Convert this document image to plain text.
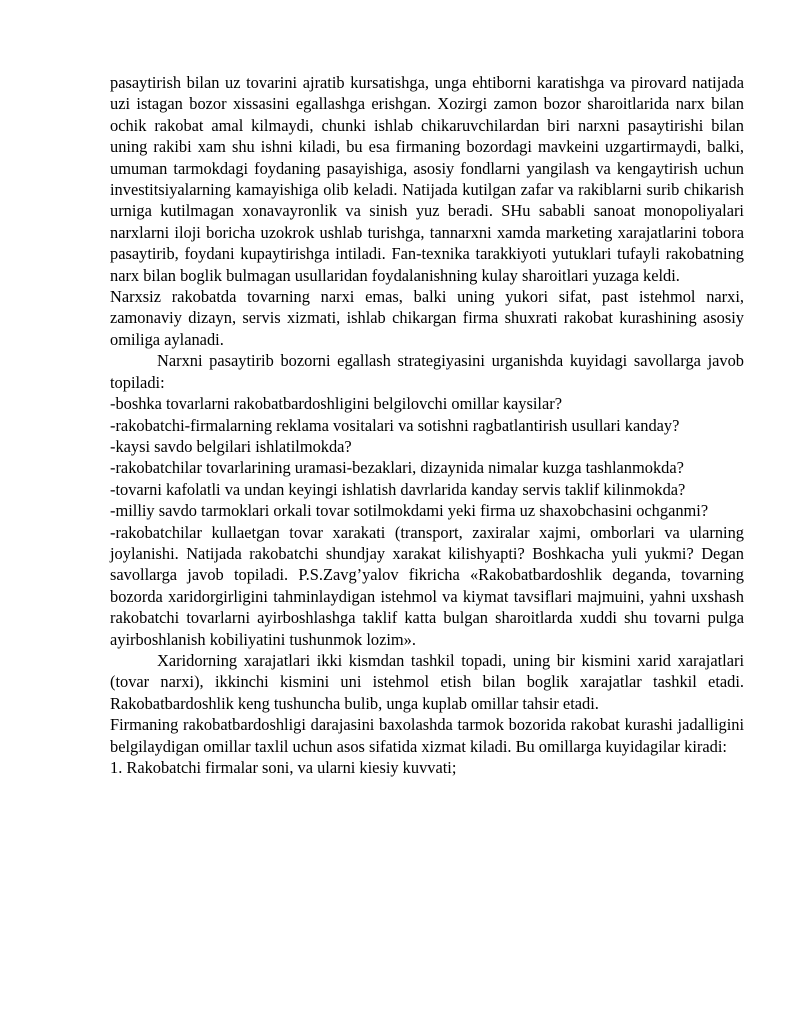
pasaytirish bilan uz tovarini ajratib kursatishga, unga ehtiborni karatishga va pirovard natijada uzi istagan bozor xissasini egallashga erishgan. Xozirgi zamon bozor sharoitlarida narx bilan ochik rakobat amal kilmaydi, chunki ishlab chikaruvchilardan biri narxni pasaytirishi bilan uning rakibi xam shu ishni kiladi, bu esa firmaning bozordagi mavkeini uzgartirmaydi, balki, umuman tarmokdagi foydaning pasayishiga, asosiy fondlarni yangilash va kengaytirish uchun investitsiyalarning kamayishiga olib keladi. Natijada kutilgan zafar va rakiblarni surib chikarish urniga kutilmagan xonavayronlik va sinish yuz beradi. SHu sababli sanoat monopoliyalari narxlarni iloji boricha uzokrok ushlab turishga, tannarxni xamda marketing xarajatlarini tobora pasaytirib, foydani kupaytirishga intiladi. Fan-texnika tarakkiyoti yutuklari tufayli rakobatning narx bilan boglik bulmagan usullaridan foydalanishning kulay sharoitlari yuzaga keldi.

Narxsiz rakobatda tovarning narxi emas, balki uning yukori sifat, past istehmol narxi, zamonaviy dizayn, servis xizmati, ishlab chikargan firma shuxrati rakobat kurashining asosiy omiliga aylanadi.

Narxni pasaytirib bozorni egallash strategiyasini urganishda kuyidagi savollarga javob topiladi:

-boshka tovarlarni rakobatbardoshligini belgilovchi omillar kaysilar?

-rakobatchi-firmalarning reklama vositalari va sotishni ragbatlantirish usullari kanday?

-kaysi savdo belgilari ishlatilmokda?

-rakobatchilar tovarlarining uramasi-bezaklari, dizaynida nimalar kuzga tashlanmokda?

-tovarni kafolatli va undan keyingi ishlatish davrlarida kanday servis taklif kilinmokda?

-milliy savdo tarmoklari orkali tovar sotilmokdami yeki firma uz shaxobchasini ochganmi?

-rakobatchilar kullaetgan tovar xarakati (transport, zaxiralar xajmi, omborlari va ularning joylanishi. Natijada rakobatchi shundjay xarakat kilishyapti? Boshkacha yuli yukmi? Degan savollarga javob topiladi. P.S.Zavg’yalov fikricha «Rakobatbardoshlik deganda, tovarning bozorda xaridorgirligini tahminlaydigan istehmol va kiymat tavsiflari majmuini, yahni uxshash rakobatchi tovarlarni ayirboshlashga taklif katta bulgan sharoitlarda xuddi shu tovarni pulga ayirboshlanish kobiliyatini tushunmok lozim».

Xaridorning xarajatlari ikki kismdan tashkil topadi, uning bir kismini xarid xarajatlari (tovar narxi), ikkinchi kismini uni istehmol etish bilan boglik xarajatlar tashkil etadi. Rakobatbardoshlik keng tushuncha bulib, unga kuplab omillar tahsir etadi.

Firmaning rakobatbardoshligi darajasini baxolashda tarmok bozorida rakobat kurashi jadalligini belgilaydigan omillar taxlil uchun asos sifatida xizmat kiladi. Bu omillarga kuyidagilar kiradi:

1. Rakobatchi firmalar soni, va ularni kiesiy kuvvati;
